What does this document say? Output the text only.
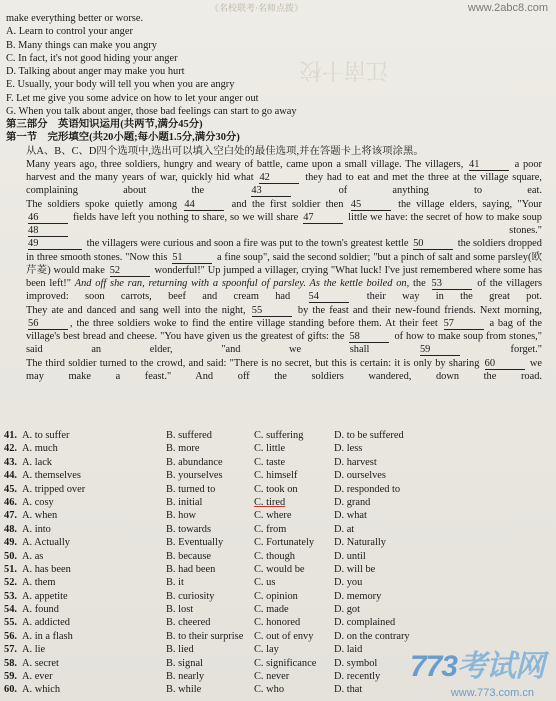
《名校联考·名师点拨》	www.2abc8.com
江南十校
make everything better or worse.
A. Learn to control your anger
B. Many things can make you angry
C. In fact, it's not good hiding your anger
D. Talking about anger may make you hurt
E. Usually, your body will tell you when you are angry
F. Let me give you some advice on how to let your anger out
G. When you talk about anger, those bad feelings can start to go away
第三部分　英语知识运用(共两节,满分45分)
第一节　完形填空(共20小题;每小题1.5分,满分30分)
从A、B、C、D四个选项中,选出可以填入空白处的最佳选项,并在答题卡上将该项涂黑。
Many years ago, three soldiers, hungry and weary of battle, came upon a small village. The villagers, 41	a poor harvest and the many years of war, quickly hid what 42	they had to eat and met the three at the village square, complaining about the 43	of anything to eat.
The soldiers spoke quietly among 44	and the first soldier then 45	the village elders, saying, "Your 46	fields have left you nothing to share, so we will share 47	little we have: the secret of how to make soup 48	stones."
49	the villagers were curious and soon a fire was put to the town's greatest kettle 50	the soldiers dropped in three smooth stones. "Now this 51	a fine soup", said the second soldier; "but a pinch of salt and some parsley(欧芹菱) would make 52	wonderful!" Up jumped a villager, crying "What luck! I've just remembered where some has been left!" And off she ran, returning with a spoonful of parsley. As the kettle boiled on, the 53	of the villagers improved: soon carrots, beef and cream had 54	their way in the great pot.
They ate and danced and sang well into the night, 55	by the feast and their new-found friends. Next morning, 56	, the three soldiers woke to find the entire village standing before them. At their feet 57	a bag of the village's best bread and cheese. "You have given us the greatest of gifts: the 58	of how to make soup from stones," said an elder, "and we shall 59	forget."
The third soldier turned to the crowd, and said: "There is no secret, but this is certain: it is only by sharing 60	we may make a feast." And off the soldiers wandered, down the road.
41. A. to suffer	B. suffered	C. suffering	D. to be suffered
42. A. much	B. more	C. little	D. less
43. A. lack	B. abundance	C. taste	D. harvest
44. A. themselves	B. yourselves	C. himself	D. ourselves
45. A. tripped over	B. turned to	C. took on	D. responded to
46. A. cosy	B. initial	C. tired	D. grand
47. A. when	B. how	C. where	D. what
48. A. into	B. towards	C. from	D. at
49. A. Actually	B. Eventually	C. Fortunately	D. Naturally
50. A. as	B. because	C. though	D. until
51. A. has been	B. had been	C. would be	D. will be
52. A. them	B. it	C. us	D. you
53. A. appetite	B. curiosity	C. opinion	D. memory
54. A. found	B. lost	C. made	D. got
55. A. addicted	B. cheered	C. honored	D. complained
56. A. in a flash	B. to their surprise	C. out of envy	D. on the contrary
57. A. lie	B. lied	C. lay	D. laid
58. A. secret	B. signal	C. significance	D. symbol
59. A. ever	B. nearly	C. never	D. recently
60. A. which	B. while	C. who	D. that
773考试网
www.773.com.cn
